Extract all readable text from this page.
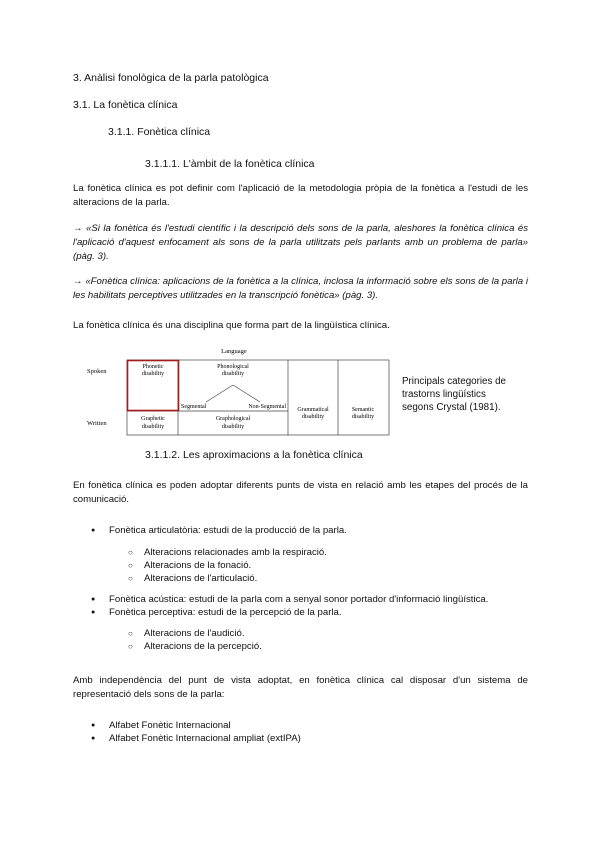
3. Anàlisi fonològica de la parla patològica
3.1. La fonètica clínica
3.1.1. Fonètica clínica
3.1.1.1. L'àmbit de la fonètica clínica
La fonètica clínica es pot definir com l'aplicació de la metodologia pròpia de la fonètica a l'estudi de les alteracions de la parla.
→ «Si la fonètica és l'estudi científic i la descripció dels sons de la parla, aleshores la fonètica clínica és l'aplicació d'aquest enfocament als sons de la parla utilitzats pels parlants amb un problema de parla» (pàg. 3).
→ «Fonètica clínica: aplicacions de la fonètica a la clínica, inclosa la informació sobre els sons de la parla i les habilitats perceptives utilitzades en la transcripció fonètica» (pàg. 3).
La fonètica clínica és una disciplina que forma part de la lingüística clínica.
Language
Spoken
Written
Phonetic
disability
Phonological
disability
Segmental	Non-Segmental Grammatical
disability
Semantic
disability
Graphetic
disability
Graphological
disability
Principals categories de trastorns lingüístics segons Crystal (1981).
3.1.1.2. Les aproximacions a la fonètica clínica
En fonètica clínica es poden adoptar diferents punts de vista en relació amb les etapes del procés de la comunicació.
● Fonètica articulatòria: estudi de la producció de la parla.
○ Alteracions relacionades amb la respiració.
○ Alteracions de la fonació.
○ Alteracions de l'articulació.
● Fonètica acústica: estudi de la parla com a senyal sonor portador d'informació lingüística.
● Fonètica perceptiva: estudi de la percepció de la parla.
○ Alteracions de l'audició.
○ Alteracions de la percepció.
Amb independència del punt de vista adoptat, en fonètica clínica cal disposar d'un sistema de representació dels sons de la parla:
● Alfabet Fonètic Internacional
● Alfabet Fonètic Internacional ampliat (extIPA)
